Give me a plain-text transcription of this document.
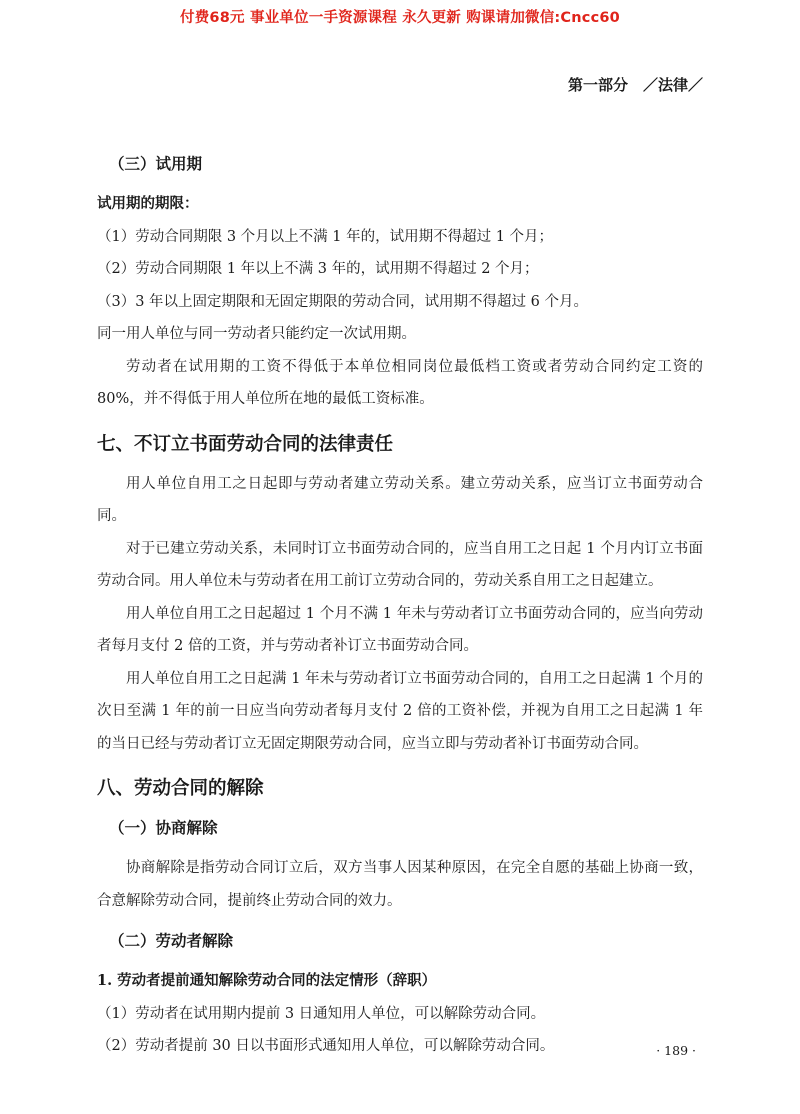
付费68元 事业单位一手资源课程 永久更新 购课请加微信:Cncc60
第一部分　／法律／
（三）试用期

试用期的期限：

（1）劳动合同期限 3 个月以上不满 1 年的，试用期不得超过 1 个月；

（2）劳动合同期限 1 年以上不满 3 年的，试用期不得超过 2 个月；

（3）3 年以上固定期限和无固定期限的劳动合同，试用期不得超过 6 个月。

同一用人单位与同一劳动者只能约定一次试用期。

劳动者在试用期的工资不得低于本单位相同岗位最低档工资或者劳动合同约定工资的 80%，并不得低于用人单位所在地的最低工资标准。

七、不订立书面劳动合同的法律责任

用人单位自用工之日起即与劳动者建立劳动关系。建立劳动关系，应当订立书面劳动合同。

对于已建立劳动关系，未同时订立书面劳动合同的，应当自用工之日起 1 个月内订立书面劳动合同。用人单位未与劳动者在用工前订立劳动合同的，劳动关系自用工之日起建立。

用人单位自用工之日起超过 1 个月不满 1 年未与劳动者订立书面劳动合同的，应当向劳动者每月支付 2 倍的工资，并与劳动者补订立书面劳动合同。

用人单位自用工之日起满 1 年未与劳动者订立书面劳动合同的，自用工之日起满 1 个月的次日至满 1 年的前一日应当向劳动者每月支付 2 倍的工资补偿，并视为自用工之日起满 1 年的当日已经与劳动者订立无固定期限劳动合同，应当立即与劳动者补订书面劳动合同。

八、劳动合同的解除
（一）协商解除

协商解除是指劳动合同订立后，双方当事人因某种原因，在完全自愿的基础上协商一致，合意解除劳动合同，提前终止劳动合同的效力。

（二）劳动者解除

1. 劳动者提前通知解除劳动合同的法定情形（辞职）

（1）劳动者在试用期内提前 3 日通知用人单位，可以解除劳动合同。

（2）劳动者提前 30 日以书面形式通知用人单位，可以解除劳动合同。	· 189 ·
